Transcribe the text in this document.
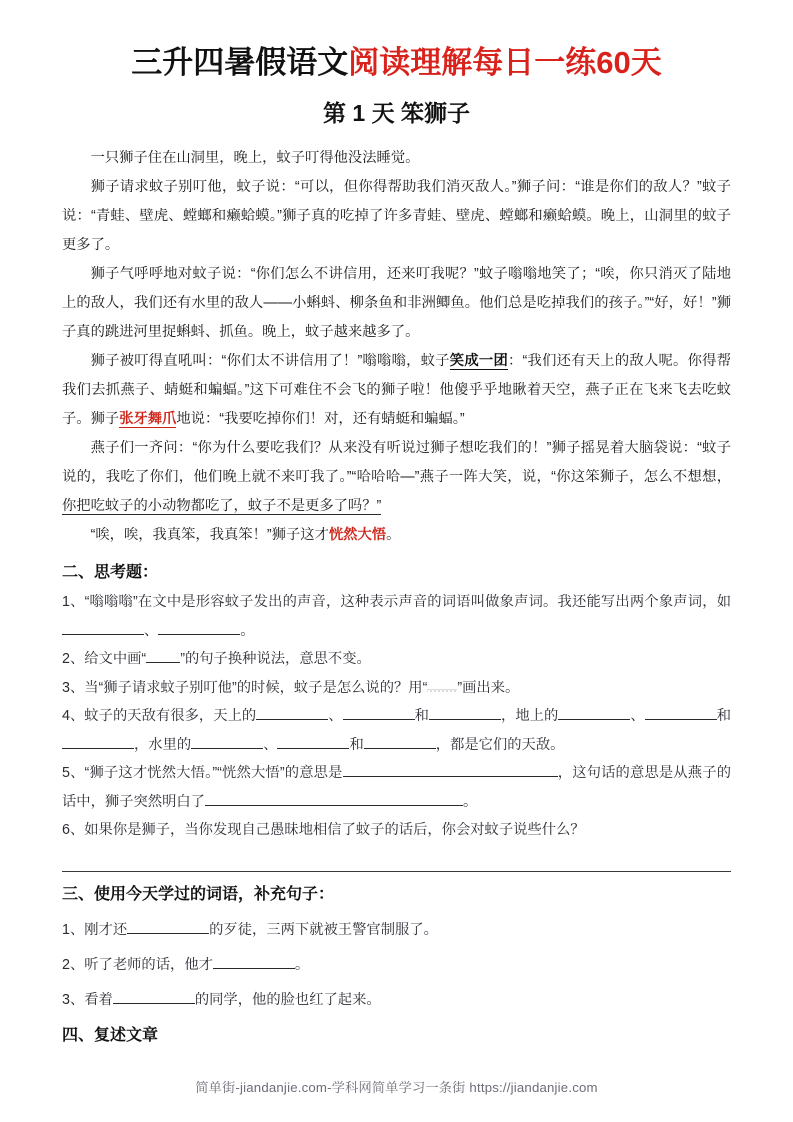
三升四暑假语文阅读理解每日一练60天
第 1 天 笨狮子

一只狮子住在山洞里，晚上，蚊子叮得他没法睡觉。

狮子请求蚊子别叮他，蚊子说：“可以，但你得帮助我们消灭敌人。”狮子问：“谁是你们的敌人？”蚊子说：“青蛙、壁虎、螳螂和癞蛤蟆。”狮子真的吃掉了许多青蛙、壁虎、螳螂和癞蛤蟆。晚上，山洞里的蚊子更多了。

狮子气呼呼地对蚊子说：“你们怎么不讲信用，还来叮我呢？”蚊子嗡嗡地笑了；“唉，你只消灭了陆地上的敌人，我们还有水里的敌人——小蝌蚪、柳条鱼和非洲鲫鱼。他们总是吃掉我们的孩子。”“好，好！”狮子真的跳进河里捉蝌蚪、抓鱼。晚上，蚊子越来越多了。

狮子被叮得直吼叫：“你们太不讲信用了！”嗡嗡嗡，蚊子笑成一团：“我们还有天上的敌人呢。你得帮我们去抓燕子、蜻蜓和蝙蝠。”这下可难住不会飞的狮子啦！他傻乎乎地瞅着天空，燕子正在飞来飞去吃蚊子。狮子张牙舞爪地说：“我要吃掉你们！对，还有蜻蜓和蝙蝠。”

燕子们一齐问：“你为什么要吃我们？从来没有听说过狮子想吃我们的！”狮子摇晃着大脑袋说：“蚊子说的，我吃了你们，他们晚上就不来叮我了。”“哈哈哈—”燕子一阵大笑，说，“你这笨狮子，怎么不想想，你把吃蚊子的小动物都吃了，蚊子不是更多了吗？”

“唉，唉，我真笨，我真笨！”狮子这才恍然大悟。

二、思考题：

1、“嗡嗡嗡”在文中是形容蚊子发出的声音，这种表示声音的词语叫做象声词。我还能写出两个象声词，如、	。

2、给文中画“ ”的句子换种说法，意思不变。

3、当“狮子请求蚊子别叮他”的时候，蚊子是怎么说的？用“ ”画出来。

4、蚊子的天敌有很多，天上的	、	和	，地上的	、	和，水里的	、	和	，都是它们的天敌。

5、“狮子这才恍然大悟。”“恍然大悟”的意思是	，这句话的意思是从燕子的话中，狮子突然明白了	。

6、如果你是狮子，当你发现自己愚昧地相信了蚊子的话后，你会对蚊子说些什么？

三、使用今天学过的词语，补充句子：

1、刚才还	的歹徒，三两下就被王警官制服了。

2、听了老师的话，他才	。

3、看着	的同学，他的脸也红了起来。

四、复述文章
简单街-jiandanjie.com-学科网简单学习一条街 https://jiandanjie.com
